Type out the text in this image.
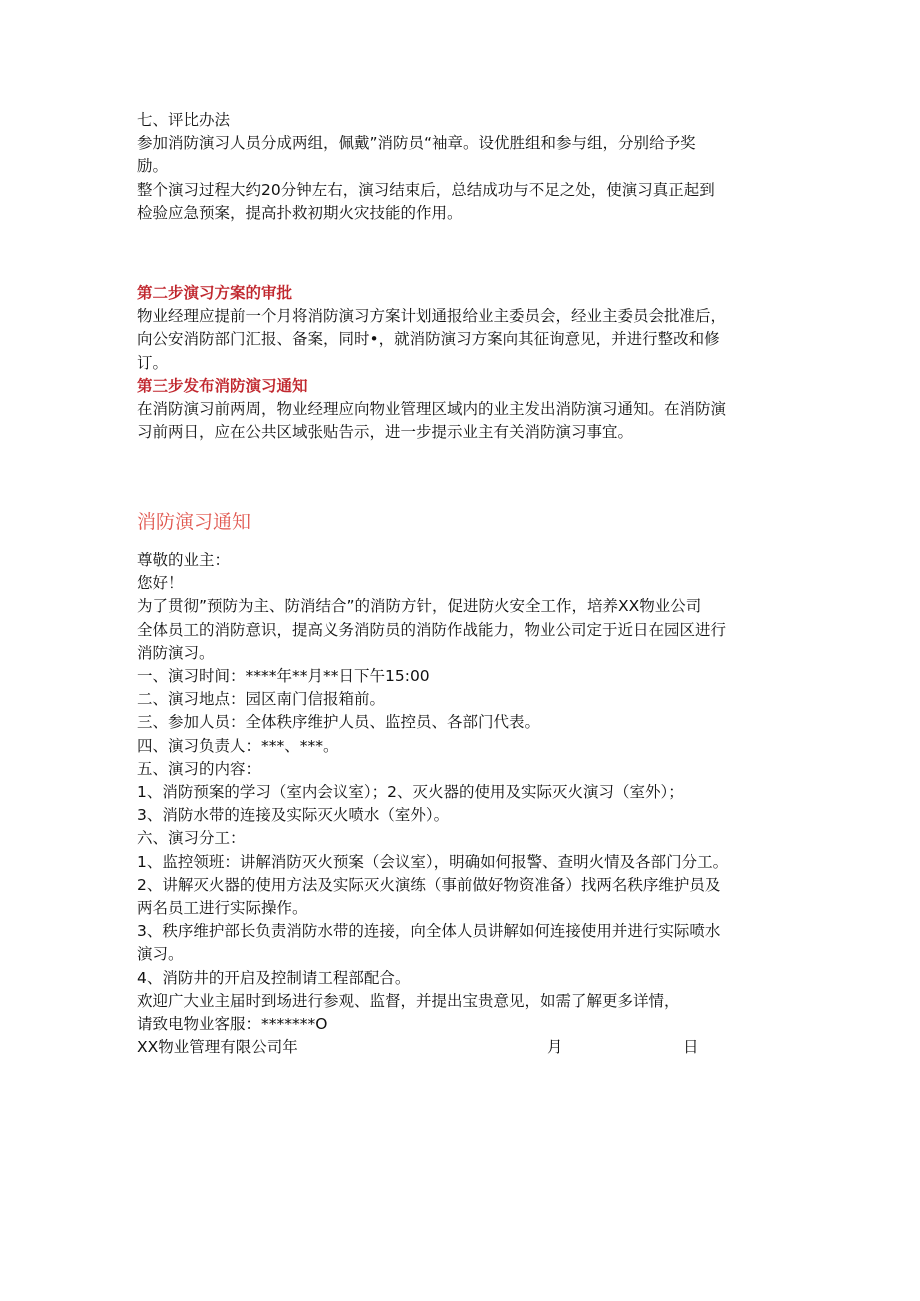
七、评比办法
参加消防演习人员分成两组，佩戴”消防员“袖章。设优胜组和参与组，分别给予奖
励。
整个演习过程大约20分钟左右，演习结束后，总结成功与不足之处，使演习真正起到
检验应急预案，提高扑救初期火灾技能的作用。
第二步演习方案的审批
物业经理应提前一个月将消防演习方案计划通报给业主委员会，经业主委员会批准后，
向公安消防部门汇报、备案，同时•，就消防演习方案向其征询意见，并进行整改和修
订。
第三步发布消防演习通知
在消防演习前两周，物业经理应向物业管理区域内的业主发出消防演习通知。在消防演
习前两日，应在公共区域张贴告示，进一步提示业主有关消防演习事宜。
消防演习通知
尊敬的业主：
您好！
为了贯彻”预防为主、防消结合”的消防方针，促进防火安全工作，培养XX物业公司
全体员工的消防意识，提高义务消防员的消防作战能力，物业公司定于近日在园区进行
消防演习。
一、演习时间：****年**月**日下午15:00
二、演习地点：园区南门信报箱前。
三、参加人员：全体秩序维护人员、监控员、各部门代表。
四、演习负责人：***、***。
五、演习的内容：
1、消防预案的学习（室内会议室）；2、灭火器的使用及实际灭火演习（室外）；
3、消防水带的连接及实际灭火喷水（室外）。
六、演习分工：
1、监控领班：讲解消防灭火预案（会议室），明确如何报警、查明火情及各部门分工。
2、讲解灭火器的使用方法及实际灭火演练（事前做好物资准备）找两名秩序维护员及
两名员工进行实际操作。
3、秩序维护部长负责消防水带的连接，向全体人员讲解如何连接使用并进行实际喷水
演习。
4、消防井的开启及控制请工程部配合。
欢迎广大业主届时到场进行参观、监督，并提出宝贵意见，如需了解更多详情，
请致电物业客服：*******O
XX物业管理有限公司年	月	日
